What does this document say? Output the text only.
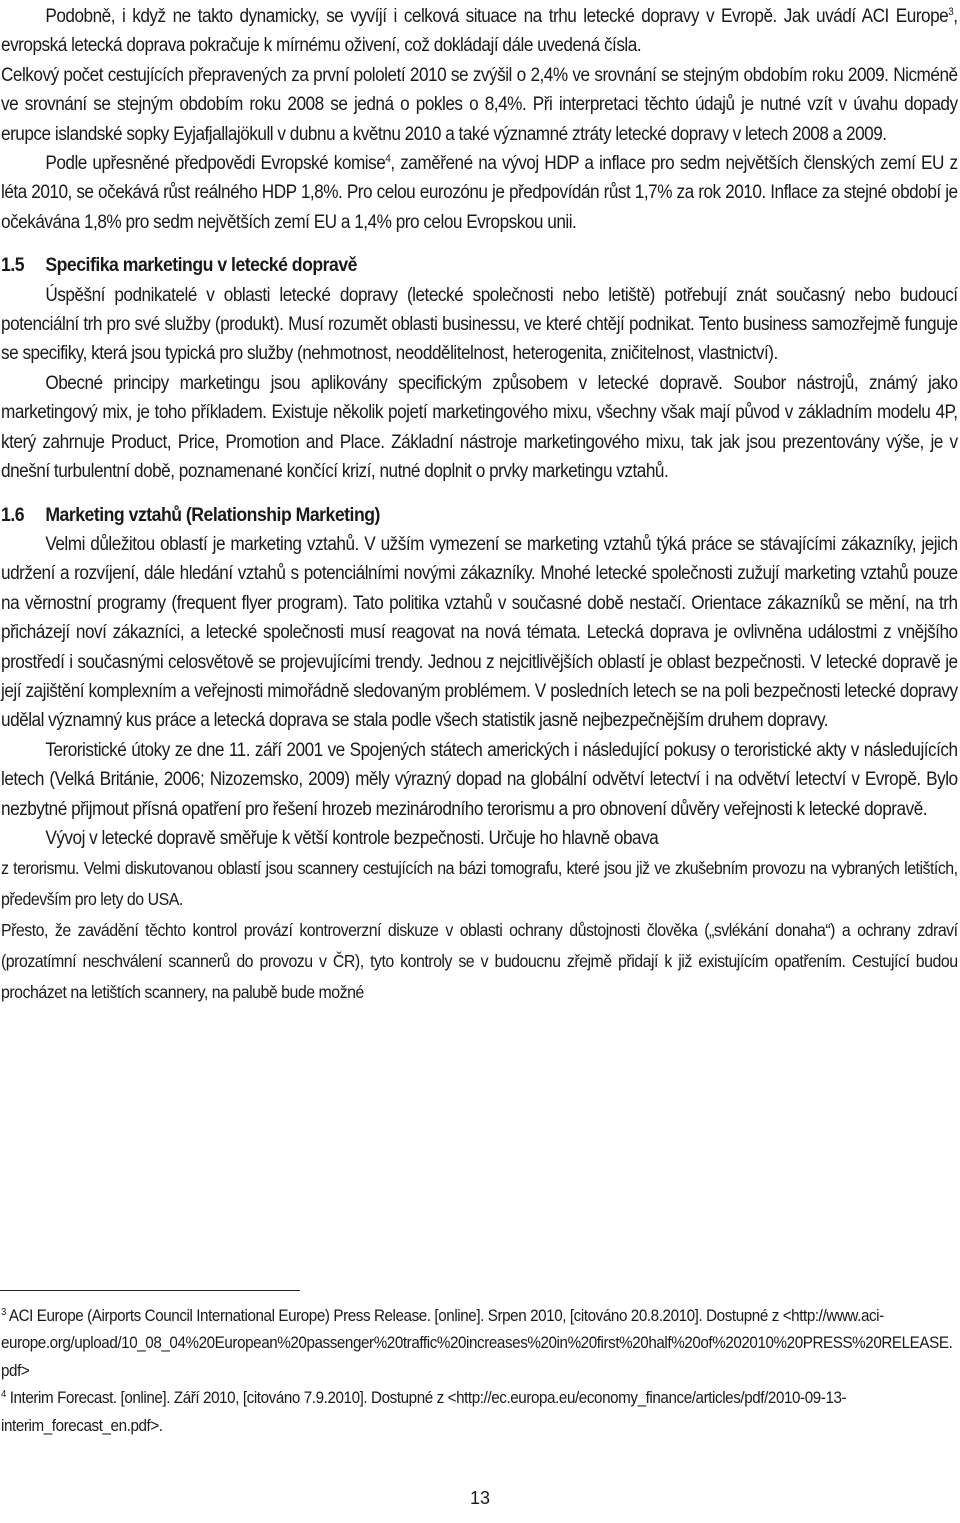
Podobně, i když ne takto dynamicky, se vyvíjí i celková situace na trhu letecké dopravy v Evropě. Jak uvádí ACI Europe$^3$, evropská letecká doprava pokračuje k mírnému oživení, což dokládají dále uvedená čísla.

Celkový počet cestujících přepravených za první pololetí 2010 se zvýšil o 2,4% ve srovnání se stejným obdobím roku 2009. Nicméně ve srovnání se stejným obdobím roku 2008 se jedná o pokles o 8,4%. Při interpretaci těchto údajů je nutné vzít v úvahu dopady erupce islandské sopky Eyjafjallajökull v dubnu a květnu 2010 a také významné ztráty letecké dopravy v letech 2008 a 2009.

Podle upřesněné předpovědi Evropské komise$^4$, zaměřené na vývoj HDP a inflace pro sedm největších členských zemí EU z léta 2010, se očekává růst reálného HDP 1,8%. Pro celou eurozónu je předpovídán růst 1,7% za rok 2010. Inflace za stejné období je očekávána 1,8% pro sedm největších zemí EU a 1,4% pro celou Evropskou unii.

1.5 Specifika marketingu v letecké dopravě

Úspěšní podnikatelé v oblasti letecké dopravy (letecké společnosti nebo letiště) potřebují znát současný nebo budoucí potenciální trh pro své služby (produkt). Musí rozumět oblasti businessu, ve které chtějí podnikat. Tento business samozřejmě funguje se specifiky, která jsou typická pro služby (nehmotnost, neoddělitelnost, heterogenita, zničitelnost, vlastnictví).

Obecné principy marketingu jsou aplikovány specifickým způsobem v letecké dopravě. Soubor nástrojů, známý jako marketingový mix, je toho příkladem. Existuje několik pojetí marketingového mixu, všechny však mají původ v základním modelu 4P, který zahrnuje Product, Price, Promotion and Place. Základní nástroje marketingového mixu, tak jak jsou prezentovány výše, je v dnešní turbulentní době, poznamenané končící krizí, nutné doplnit o prvky marketingu vztahů.

1.6 Marketing vztahů (Relationship Marketing)

Velmi důležitou oblastí je marketing vztahů. V užším vymezení se marketing vztahů týká práce se stávajícími zákazníky, jejich udržení a rozvíjení, dále hledání vztahů s potenciálními novými zákazníky. Mnohé letecké společnosti zužují marketing vztahů pouze na věrnostní programy (frequent flyer program). Tato politika vztahů v současné době nestačí. Orientace zákazníků se mění, na trh přicházejí noví zákazníci, a letecké společnosti musí reagovat na nová témata. Letecká doprava je ovlivněna událostmi z vnějšího prostředí i současnými celosvětově se projevujícími trendy. Jednou z nejcitlivějších oblastí je oblast bezpečnosti. V letecké dopravě je její zajištění komplexním a veřejnosti mimořádně sledovaným problémem. V posledních letech se na poli bezpečnosti letecké dopravy udělal významný kus práce a letecká doprava se stala podle všech statistik jasně nejbezpečnějším druhem dopravy.

Teroristické útoky ze dne 11. září 2001 ve Spojených státech amerických i následující pokusy o teroristické akty v následujících letech (Velká Británie, 2006; Nizozemsko, 2009) měly výrazný dopad na globální odvětví letectví i na odvětví letectví v Evropě. Bylo nezbytné přijmout přísná opatření pro řešení hrozeb mezinárodního terorismu a pro obnovení důvěry veřejnosti k letecké dopravě.

Vývoj v letecké dopravě směřuje k větší kontrole bezpečnosti. Určuje ho hlavně obava

z terorismu. Velmi diskutovanou oblastí jsou scannery cestujících na bázi tomografu, které jsou již ve zkušebním provozu na vybraných letištích, především pro lety do USA.

Přesto, že zavádění těchto kontrol provází kontroverzní diskuze v oblasti ochrany důstojnosti člověka („svlékání donaha“) a ochrany zdraví (prozatímní neschválení scannerů do provozu v ČR), tyto kontroly se v budoucnu zřejmě přidají k již existujícím opatřením. Cestující budou procházet na letištích scannery, na palubě bude možné

$^3$ ACI Europe (Airports Council International Europe) Press Release. [online]. Srpen 2010, [citováno 20.8.2010]. Dostupné z <http://www.aci-

europe.org/upload/10_08_04%20European%20passenger%20traffic%20increases%20in%20first%20half%20of%202010%20PRESS%20RELEASE.pdf>

$^4$ Interim Forecast. [online]. Září 2010, [citováno 7.9.2010]. Dostupné z <http://ec.europa.eu/economy_finance/articles/pdf/2010-09-13-interim_forecast_en.pdf>.

13
